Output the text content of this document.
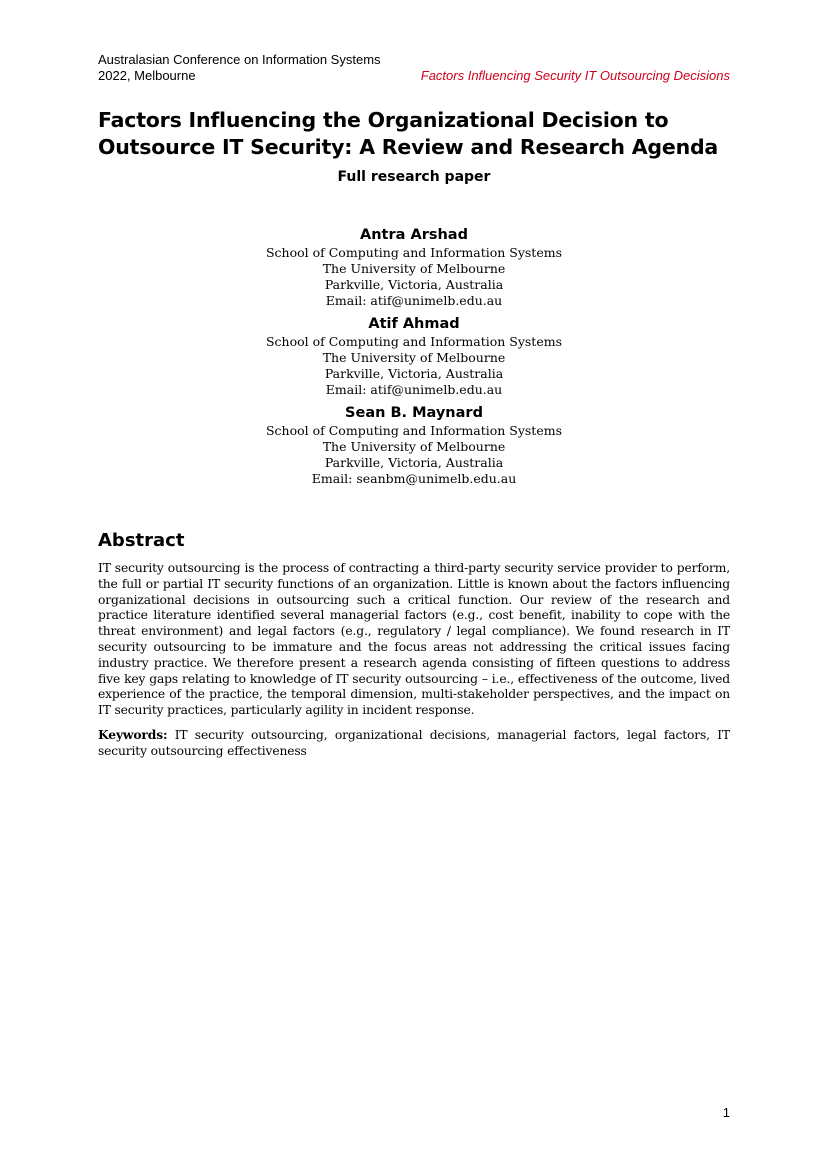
Australasian Conference on Information Systems
2022, Melbourne	Factors Influencing Security IT Outsourcing Decisions
Factors Influencing the Organizational Decision to Outsource IT Security: A Review and Research Agenda
Full research paper
Antra Arshad
School of Computing and Information Systems
The University of Melbourne
Parkville, Victoria, Australia
Email: atif@unimelb.edu.au
Atif Ahmad
School of Computing and Information Systems
The University of Melbourne
Parkville, Victoria, Australia
Email: atif@unimelb.edu.au
Sean B. Maynard
School of Computing and Information Systems
The University of Melbourne
Parkville, Victoria, Australia
Email: seanbm@unimelb.edu.au
Abstract

IT security outsourcing is the process of contracting a third-party security service provider to perform, the full or partial IT security functions of an organization. Little is known about the factors influencing organizational decisions in outsourcing such a critical function. Our review of the research and practice literature identified several managerial factors (e.g., cost benefit, inability to cope with the threat environment) and legal factors (e.g., regulatory / legal compliance). We found research in IT security outsourcing to be immature and the focus areas not addressing the critical issues facing industry practice. We therefore present a research agenda consisting of fifteen questions to address five key gaps relating to knowledge of IT security outsourcing – i.e., effectiveness of the outcome, lived experience of the practice, the temporal dimension, multi-stakeholder perspectives, and the impact on IT security practices, particularly agility in incident response.

Keywords: IT security outsourcing, organizational decisions, managerial factors, legal factors, IT security outsourcing effectiveness

1
